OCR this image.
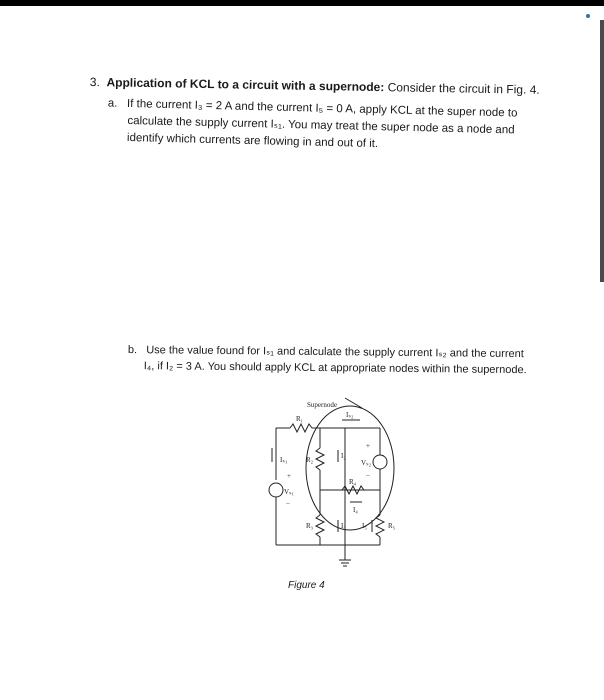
3. Application of KCL to a circuit with a supernode: Consider the circuit in Fig. 4.
a. If the current I₃ = 2 A and the current I₅ = 0 A, apply KCL at the super node to
calculate the supply current Iₛ₁. You may treat the super node as a node and
identify which currents are flowing in and out of it.
b. Use the value found for Iₛ₁ and calculate the supply current Iₛ₂ and the current
I₄, if I₂ = 3 A. You should apply KCL at appropriate nodes within the supernode.
Supernode
R₁
R₂
R₃
R₄
R₅
Iₛ₁
Iₛ₂
Vₛ₁
Vₛ₂
I₂
I₃
I₄
I₅
+
−
+
−
Figure 4
